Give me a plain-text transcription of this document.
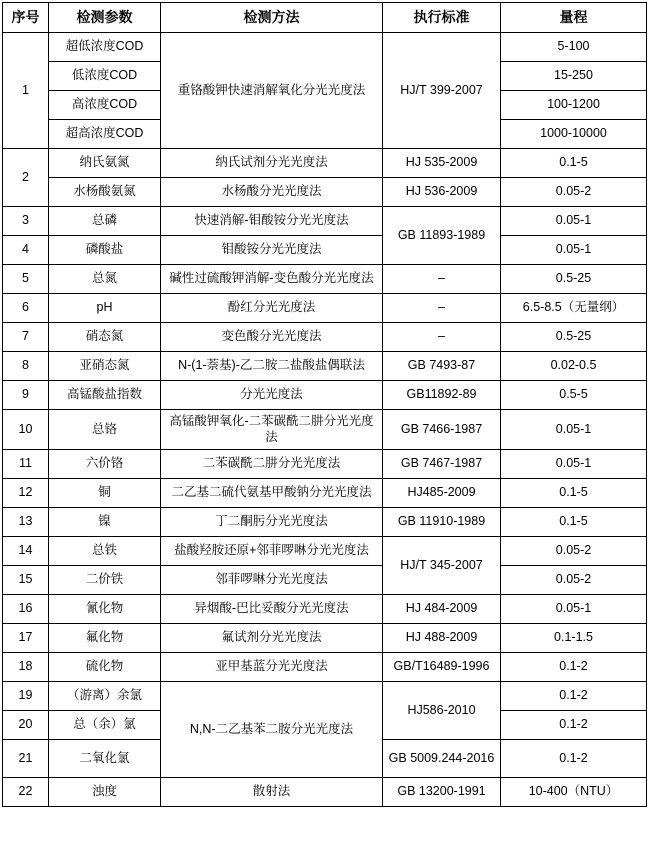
序号	检测参数	检测方法	执行标准	量程
1	超低浓度COD	重铬酸钾快速消解氧化分光光度法	HJ/T 399-2007	5-100
	低浓度COD			15-250
	高浓度COD			100-1200
	超高浓度COD			1000-10000
2	纳氏氨氮	纳氏试剂分光光度法	HJ 535-2009	0.1-5
	水杨酸氨氮	水杨酸分光光度法	HJ 536-2009	0.05-2
3	总磷	快速消解-钼酸铵分光光度法	GB 11893-1989	0.05-1
4	磷酸盐	钼酸铵分光光度法		0.05-1
5	总氮	碱性过硫酸钾消解-变色酸分光光度法	–	0.5-25
6	pH	酚红分光光度法	–	6.5-8.5（无量纲）
7	硝态氮	变色酸分光光度法	–	0.5-25
8	亚硝态氮	N-(1-萘基)-乙二胺二盐酸盐偶联法	GB 7493-87	0.02-0.5
9	高锰酸盐指数	分光光度法	GB11892-89	0.5-5
10	总铬	高锰酸钾氧化-二苯碳酰二肼分光光度法	GB 7466-1987	0.05-1
11	六价铬	二苯碳酰二肼分光光度法	GB 7467-1987	0.05-1
12	铜	二乙基二硫代氨基甲酸钠分光光度法	HJ485-2009	0.1-5
13	镍	丁二酮肟分光光度法	GB 11910-1989	0.1-5
14	总铁	盐酸羟胺还原+邻菲啰啉分光光度法	HJ/T 345-2007	0.05-2
15	二价铁	邻菲啰啉分光光度法		0.05-2
16	氰化物	异烟酸-巴比妥酸分光光度法	HJ 484-2009	0.05-1
17	氟化物	氟试剂分光光度法	HJ 488-2009	0.1-1.5
18	硫化物	亚甲基蓝分光光度法	GB/T16489-1996	0.1-2
19	（游离）余氯	N,N-二乙基苯二胺分光光度法	HJ586-2010	0.1-2
20	总（余）氯			0.1-2
21	二氧化氯		GB 5009.244-2016	0.1-2
22	浊度	散射法	GB 13200-1991	10-400（NTU）
